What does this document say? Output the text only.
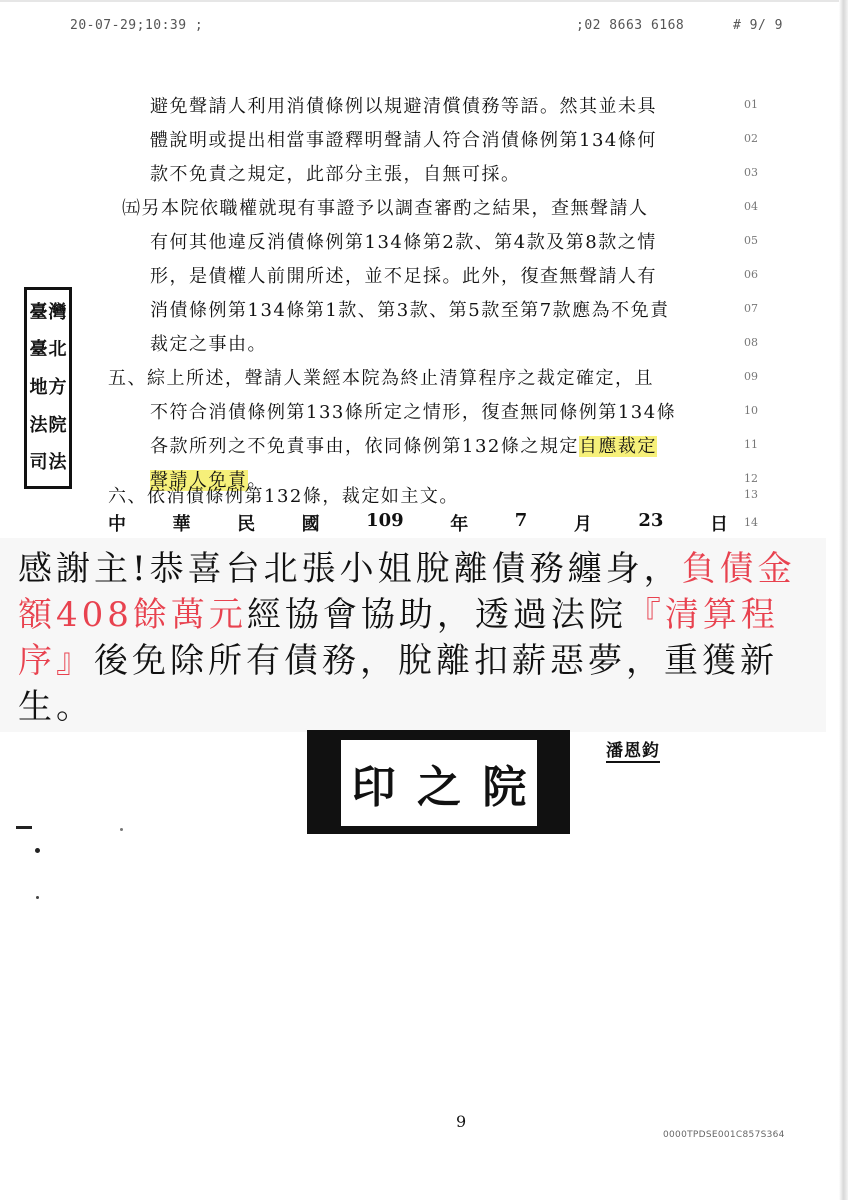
20-07-29;10:39 ;	;02 8663 6168	# 9/ 9
避免聲請人利用消債條例以規避清償債務等語。然其並未具	01
體說明或提出相當事證釋明聲請人符合消債條例第134條何	02
款不免責之規定，此部分主張，自無可採。	03
㈤另本院依職權就現有事證予以調查審酌之結果，查無聲請人	04
有何其他違反消債條例第134條第2款、第4款及第8款之情	05
形，是債權人前開所述，並不足採。此外，復查無聲請人有	06
消債條例第134條第1款、第3款、第5款至第7款應為不免責	07
裁定之事由。	08
五、綜上所述，聲請人業經本院為終止清算程序之裁定確定，且	09
不符合消債條例第133條所定之情形，復查無同條例第134條	10
各款所列之不免責事由，依同條例第132條之規定自應裁定	11
聲請人免責。	12
六、依消債條例第132條，裁定如主文。	13
中	華	民	國	109	年	7	月	23	日 14
臺 灣
臺 北
地 方
法 院
司 法
感謝主!恭喜台北張小姐脫離債務纏身，負債金額408餘萬元經協會協助，透過法院『清算程序』後免除所有債務，脫離扣薪惡夢，重獲新生。
印 之 院
潘恩鈞
9
0000TPDSE001C857S364
